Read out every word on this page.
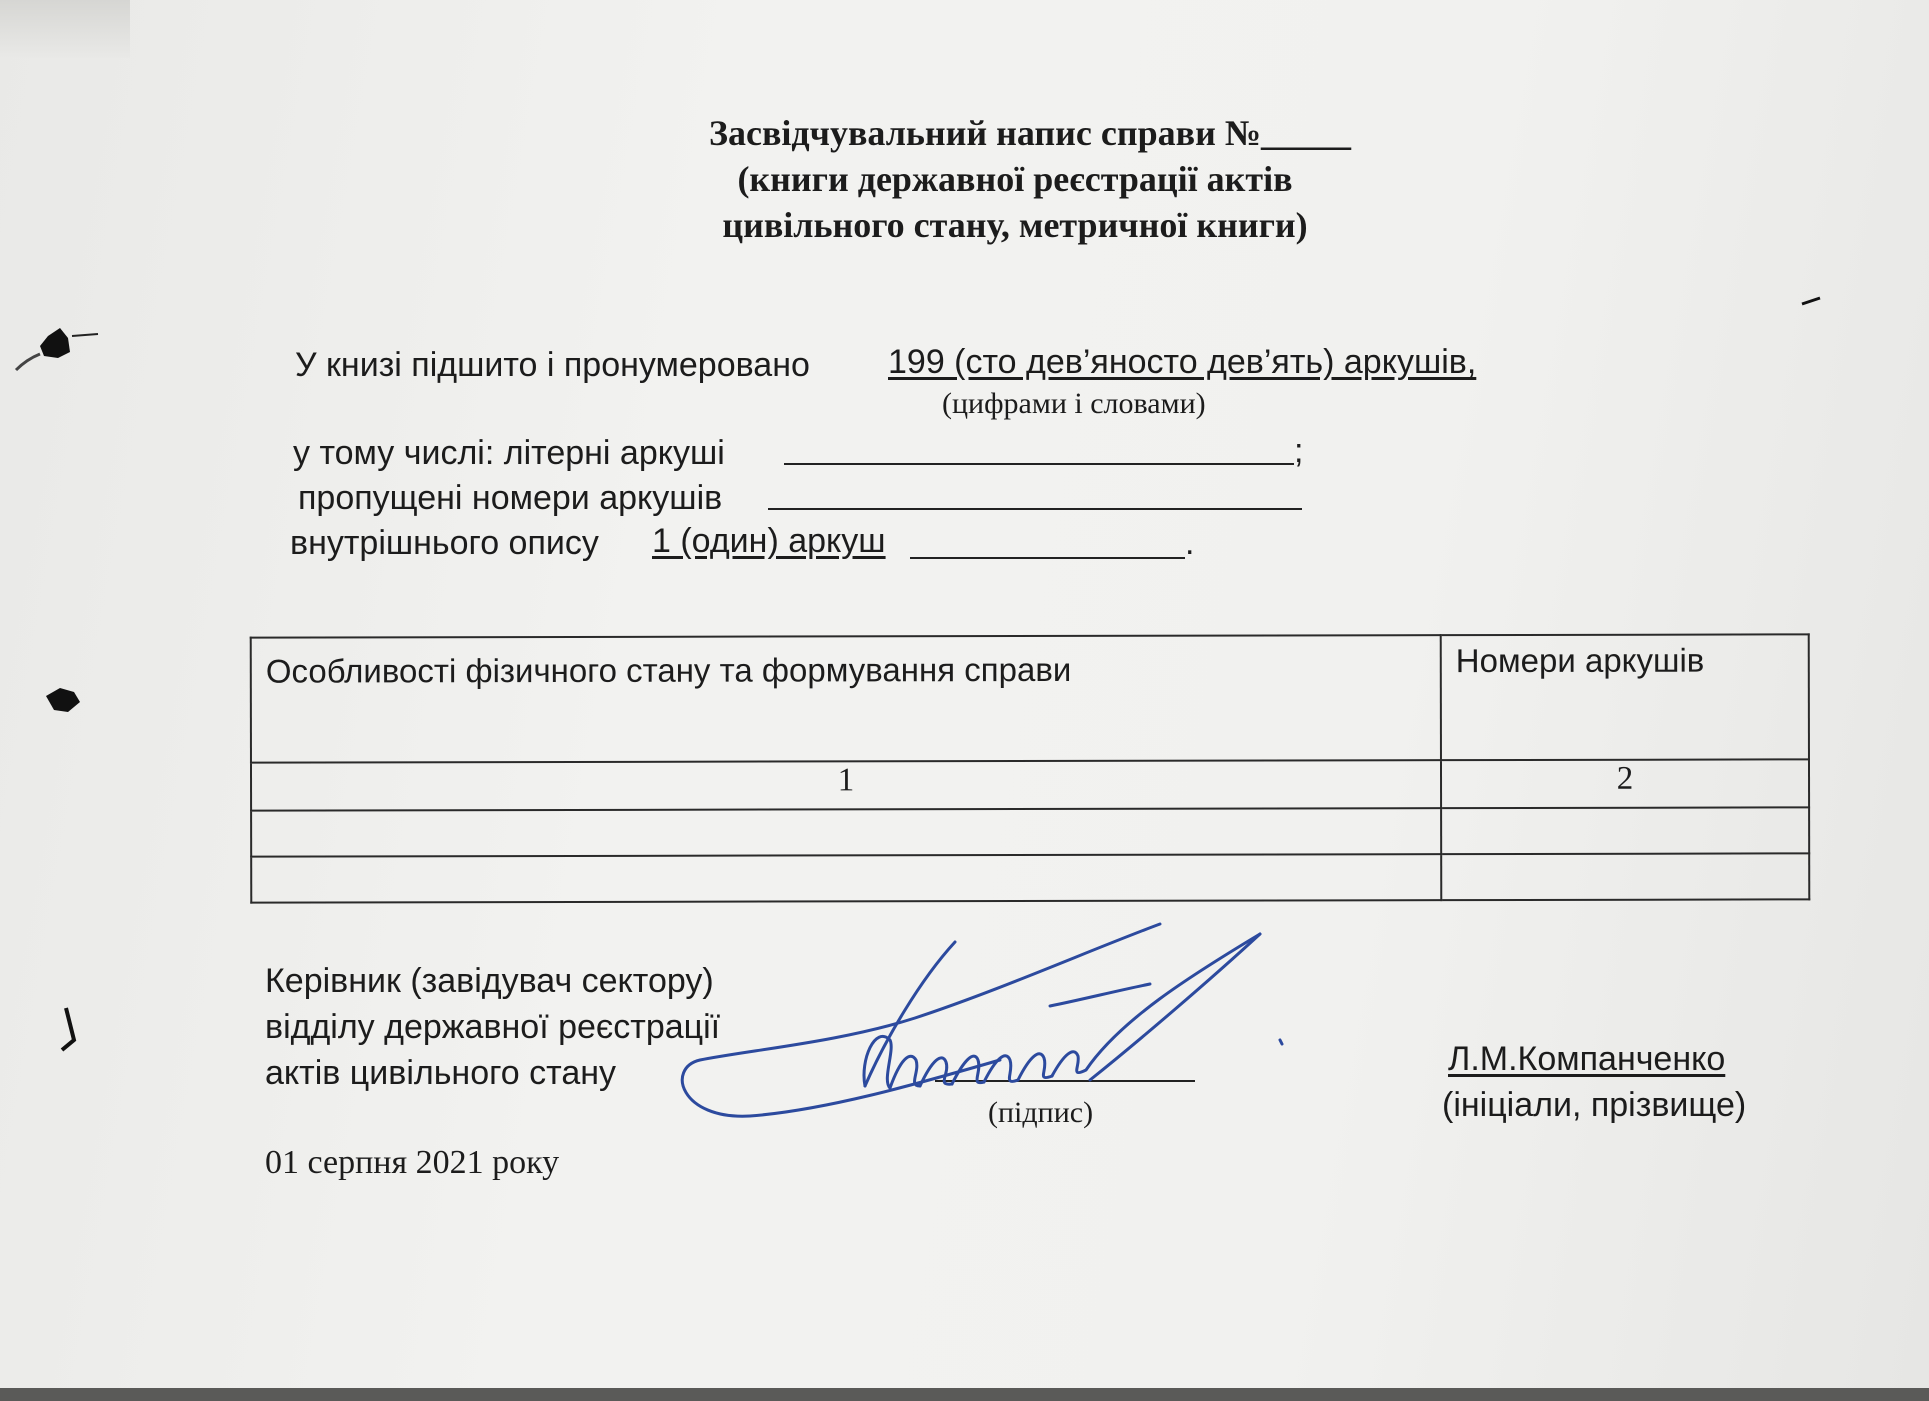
Засвідчувальний напис справи №_____
(книги державної реєстрації актів
цивільного стану, метричної книги)
У книзі підшито і пронумеровано 199 (сто дев’яносто дев’ять) аркушів,
(цифрами і словами)
у тому числі: літерні аркуші	;
пропущені номери аркушів
внутрішнього опису 1 (один) аркуш	.
Особливості фізичного стану та формування справи	Номери аркушів
1	2

Керівник (завідувач сектору)
відділу державної реєстрації
актів цивільного стану
(підпис)
Л.М.Компанченко
(ініціали, прізвище)
01 серпня 2021 року
